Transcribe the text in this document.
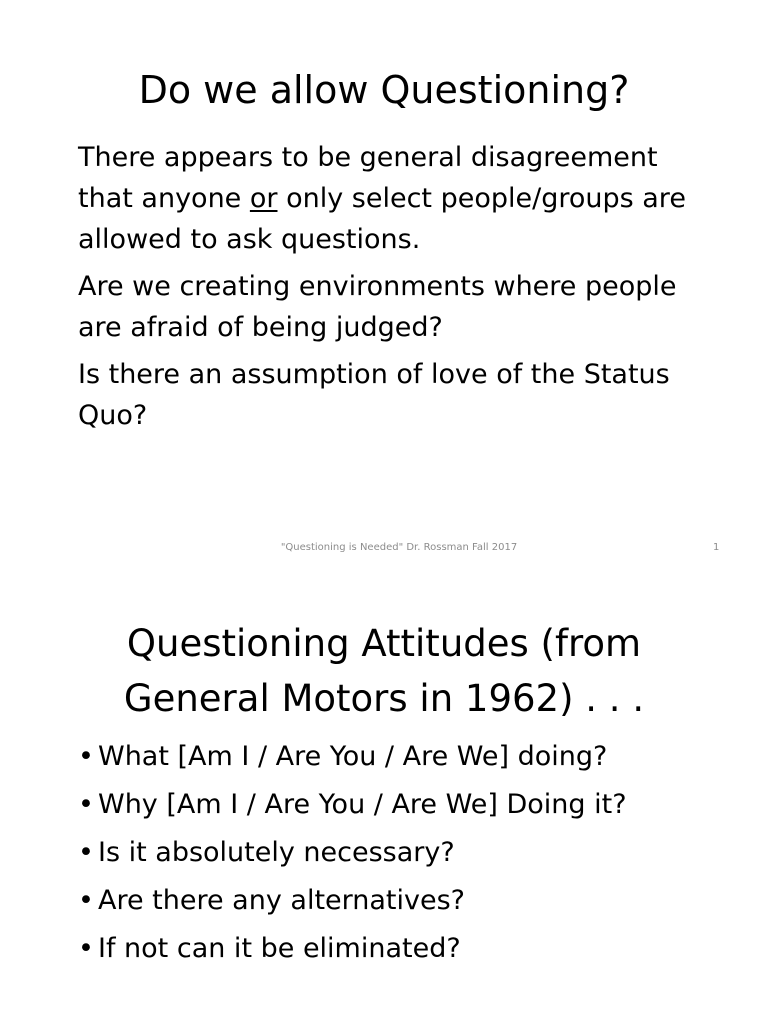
Do we allow Questioning?

There appears to be general disagreement that anyone or only select people/groups are allowed to ask questions.

Are we creating environments where people are afraid of being judged?

Is there an assumption of love of the Status Quo?

"Questioning is Needed" Dr. Rossman Fall 2017	1
Questioning Attitudes (from
General Motors in 1962) . . .
• What [Am I / Are You / Are We] doing?
• Why [Am I / Are You / Are We] Doing it?
• Is it absolutely necessary?
• Are there any alternatives?
• If not can it be eliminated?
